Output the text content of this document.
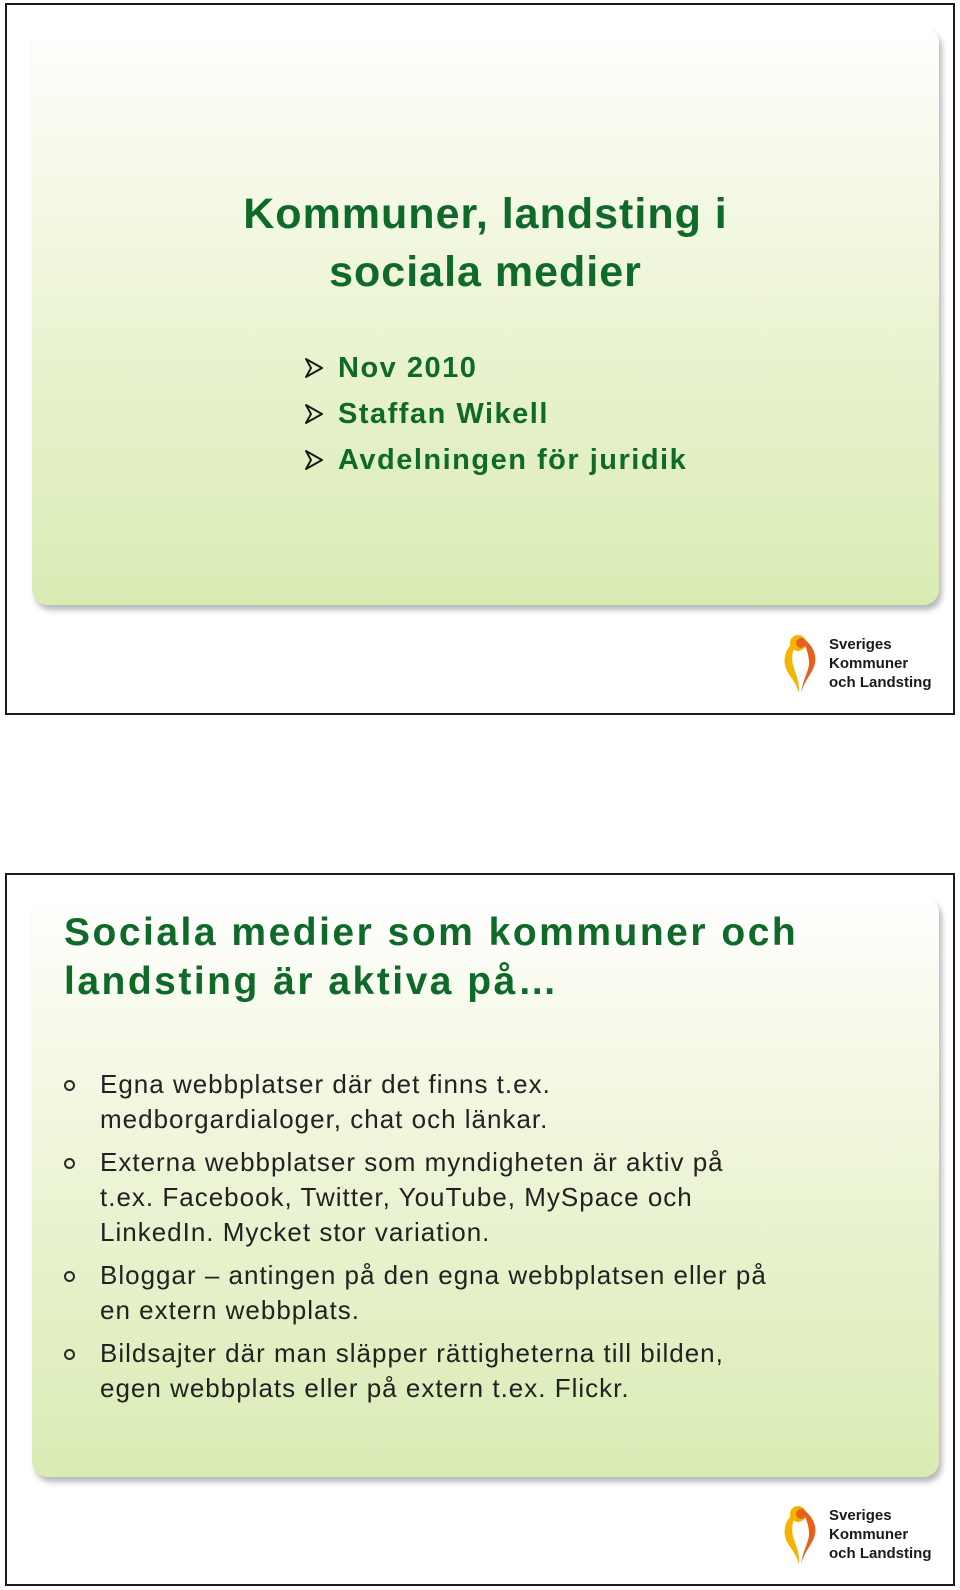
Kommuner, landsting i
sociala medier
Nov 2010
Staffan Wikell
Avdelningen för juridik
Sveriges
Kommuner
och Landsting
Sociala medier som kommuner och
landsting är aktiva på…
Egna webbplatser där det finns t.ex.
medborgardialoger, chat och länkar.
Externa webbplatser som myndigheten är aktiv på
t.ex. Facebook, Twitter, YouTube, MySpace och
LinkedIn. Mycket stor variation.
Bloggar – antingen på den egna webbplatsen eller på
en extern webbplats.
Bildsajter där man släpper rättigheterna till bilden,
egen webbplats eller på extern t.ex. Flickr.
Sveriges
Kommuner
och Landsting
